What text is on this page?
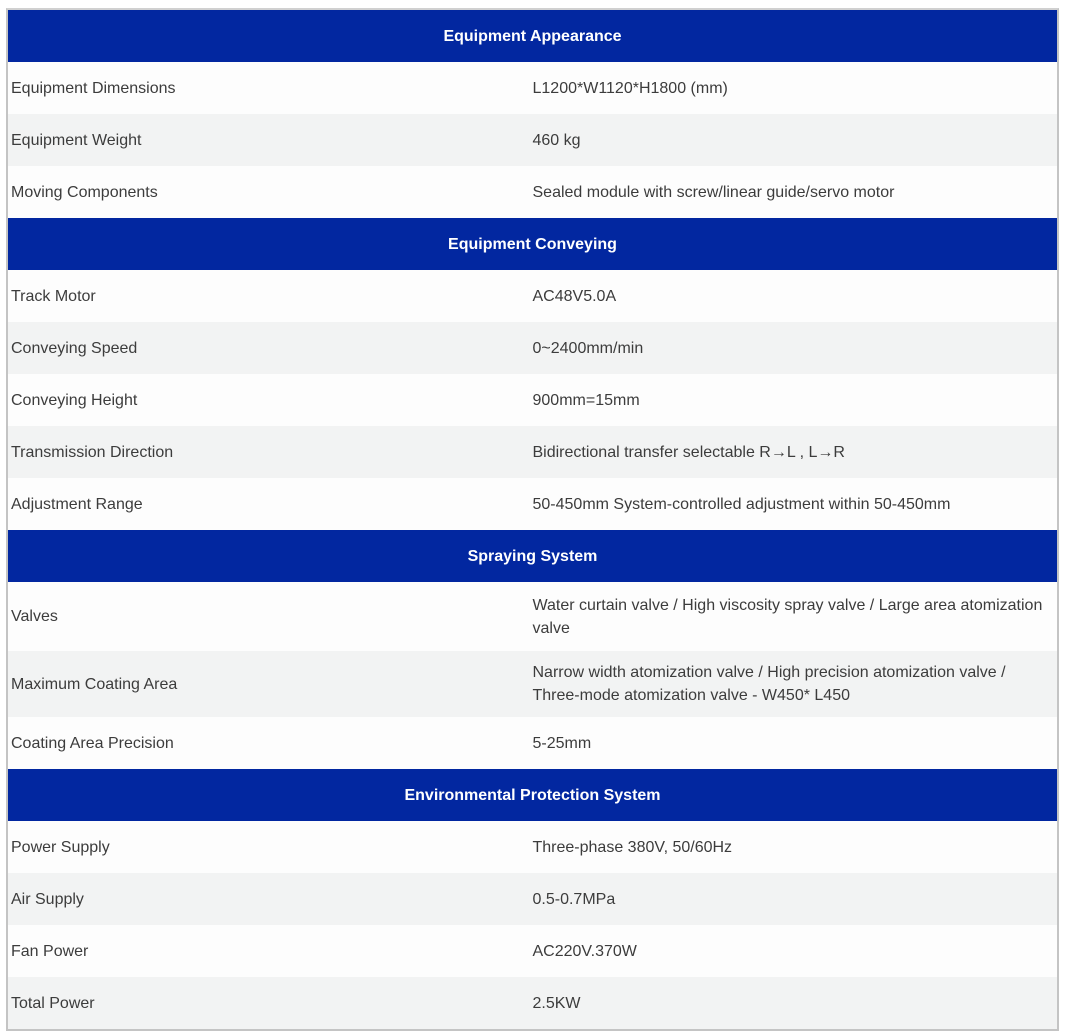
Equipment Appearance	
Equipment Dimensions	L1200*W1120*H1800 (mm)
Equipment Weight	460 kg
Moving Components	Sealed module with screw/linear guide/servo motor
Equipment Conveying	
Track Motor	AC48V5.0A
Conveying Speed	0~2400mm/min
Conveying Height	900mm=15mm
Transmission Direction	Bidirectional transfer selectable R→L , L→R
Adjustment Range	50-450mm System-controlled adjustment within 50-450mm
Spraying System	
Valves	Water curtain valve / High viscosity spray valve / Large area atomization valve
Maximum Coating Area	Narrow width atomization valve / High precision atomization valve /
Three-mode atomization valve - W450* L450
Coating Area Precision	5-25mm
Environmental Protection System	
Power Supply	Three-phase 380V, 50/60Hz
Air Supply	0.5-0.7MPa
Fan Power	AC220V.370W
Total Power	2.5KW
